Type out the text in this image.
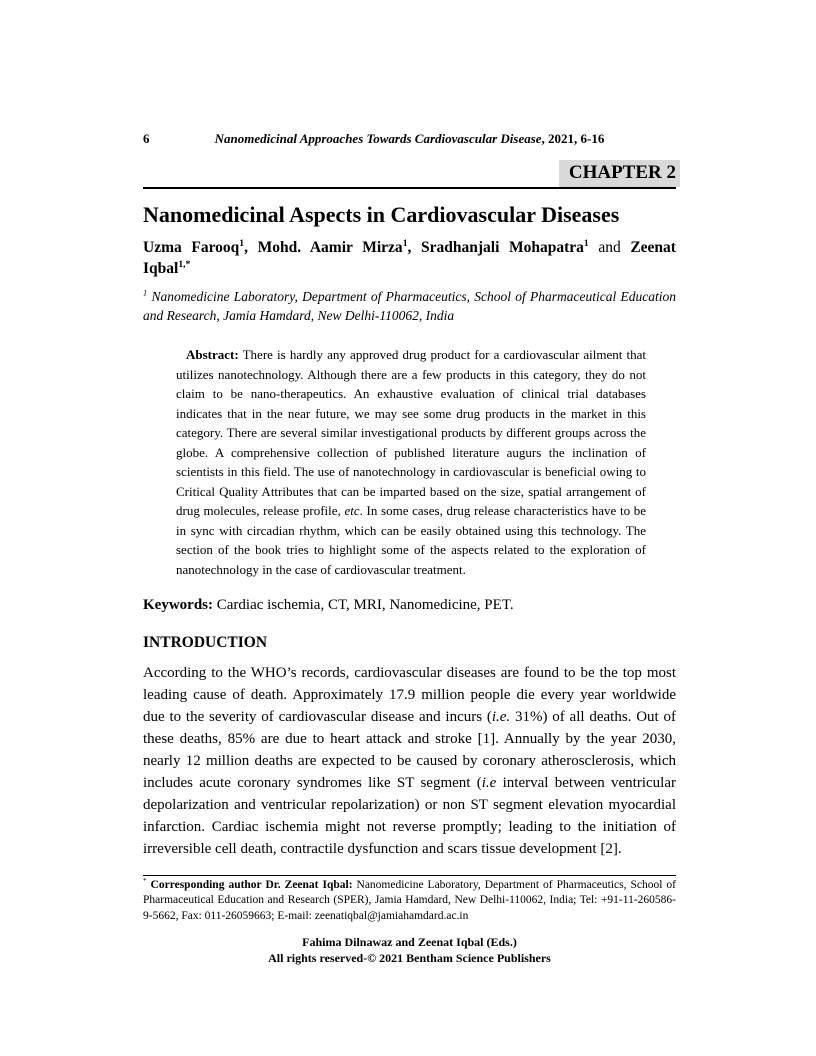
6	Nanomedicinal Approaches Towards Cardiovascular Disease, 2021, 6-16
CHAPTER 2
Nanomedicinal Aspects in Cardiovascular Diseases

Uzma Farooq$^1$, Mohd. Aamir Mirza$^1$, Sradhanjali Mohapatra$^1$ and Zeenat Iqbal$^{1,*}$

$^1$ Nanomedicine Laboratory, Department of Pharmaceutics, School of Pharmaceutical Education and Research, Jamia Hamdard, New Delhi-110062, India

Abstract: There is hardly any approved drug product for a cardiovascular ailment that utilizes nanotechnology. Although there are a few products in this category, they do not claim to be nano-therapeutics. An exhaustive evaluation of clinical trial databases indicates that in the near future, we may see some drug products in the market in this category. There are several similar investigational products by different groups across the globe. A comprehensive collection of published literature augurs the inclination of scientists in this field. The use of nanotechnology in cardiovascular is beneficial owing to Critical Quality Attributes that can be imparted based on the size, spatial arrangement of drug molecules, release profile, etc. In some cases, drug release characteristics have to be in sync with circadian rhythm, which can be easily obtained using this technology. The section of the book tries to highlight some of the aspects related to the exploration of nanotechnology in the case of cardiovascular treatment.

Keywords: Cardiac ischemia, CT, MRI, Nanomedicine, PET.

INTRODUCTION

According to the WHO’s records, cardiovascular diseases are found to be the top most leading cause of death. Approximately 17.9 million people die every year worldwide due to the severity of cardiovascular disease and incurs (i.e. 31%) of all deaths. Out of these deaths, 85% are due to heart attack and stroke [1]. Annually by the year 2030, nearly 12 million deaths are expected to be caused by coronary atherosclerosis, which includes acute coronary syndromes like ST segment (i.e interval between ventricular depolarization and ventricular repolarization) or non ST segment elevation myocardial infarction. Cardiac ischemia might not reverse promptly; leading to the initiation of irreversible cell death, contractile dysfunction and scars tissue development [2].

* Corresponding author Dr. Zeenat Iqbal: Nanomedicine Laboratory, Department of Pharmaceutics, School of Pharmaceutical Education and Research (SPER), Jamia Hamdard, New Delhi-110062, India; Tel: +91-11-260586-9-5662, Fax: 011-26059663; E-mail: zeenatiqbal@jamiahamdard.ac.in

Fahima Dilnawaz and Zeenat Iqbal (Eds.)
All rights reserved-© 2021 Bentham Science Publishers
